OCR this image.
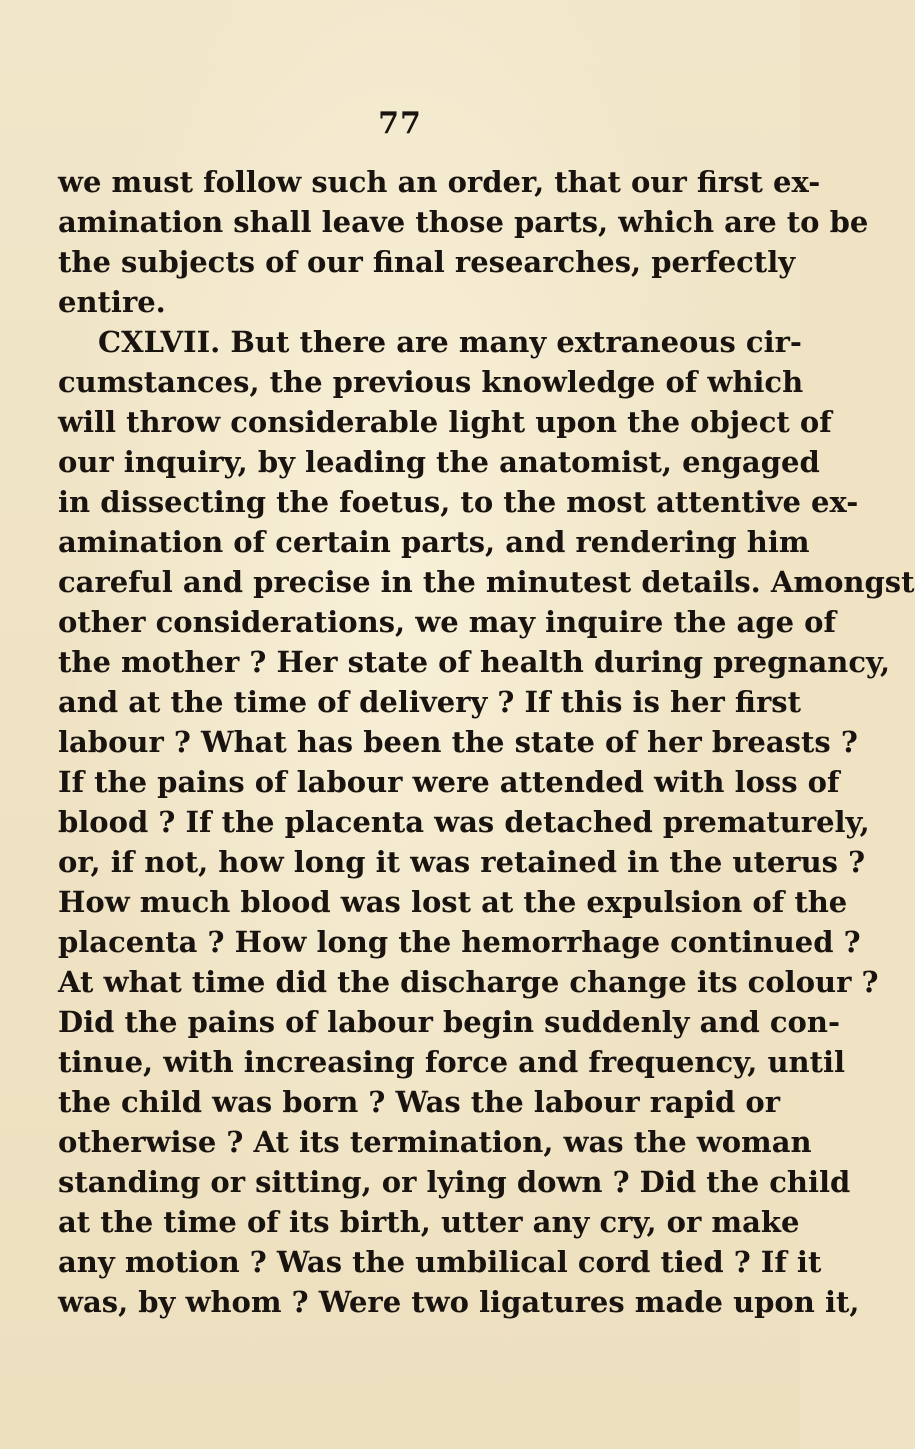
77
we must follow such an order, that our first ex-
amination shall leave those parts, which are to be
the subjects of our final researches, perfectly
entire.
CXLVII. But there are many extraneous cir-
cumstances, the previous knowledge of which
will throw considerable light upon the object of
our inquiry, by leading the anatomist, engaged
in dissecting the foetus, to the most attentive ex-
amination of certain parts, and rendering him
careful and precise in the minutest details. Amongst
other considerations, we may inquire the age of
the mother ? Her state of health during pregnancy,
and at the time of delivery ? If this is her first
labour ? What has been the state of her breasts ?
If the pains of labour were attended with loss of
blood ? If the placenta was detached prematurely,
or, if not, how long it was retained in the uterus ?
How much blood was lost at the expulsion of the
placenta ? How long the hemorrhage continued ?
At what time did the discharge change its colour ?
Did the pains of labour begin suddenly and con-
tinue, with increasing force and frequency, until
the child was born ? Was the labour rapid or
otherwise ? At its termination, was the woman
standing or sitting, or lying down ? Did the child
at the time of its birth, utter any cry, or make
any motion ? Was the umbilical cord tied ? If it
was, by whom ? Were two ligatures made upon it,
